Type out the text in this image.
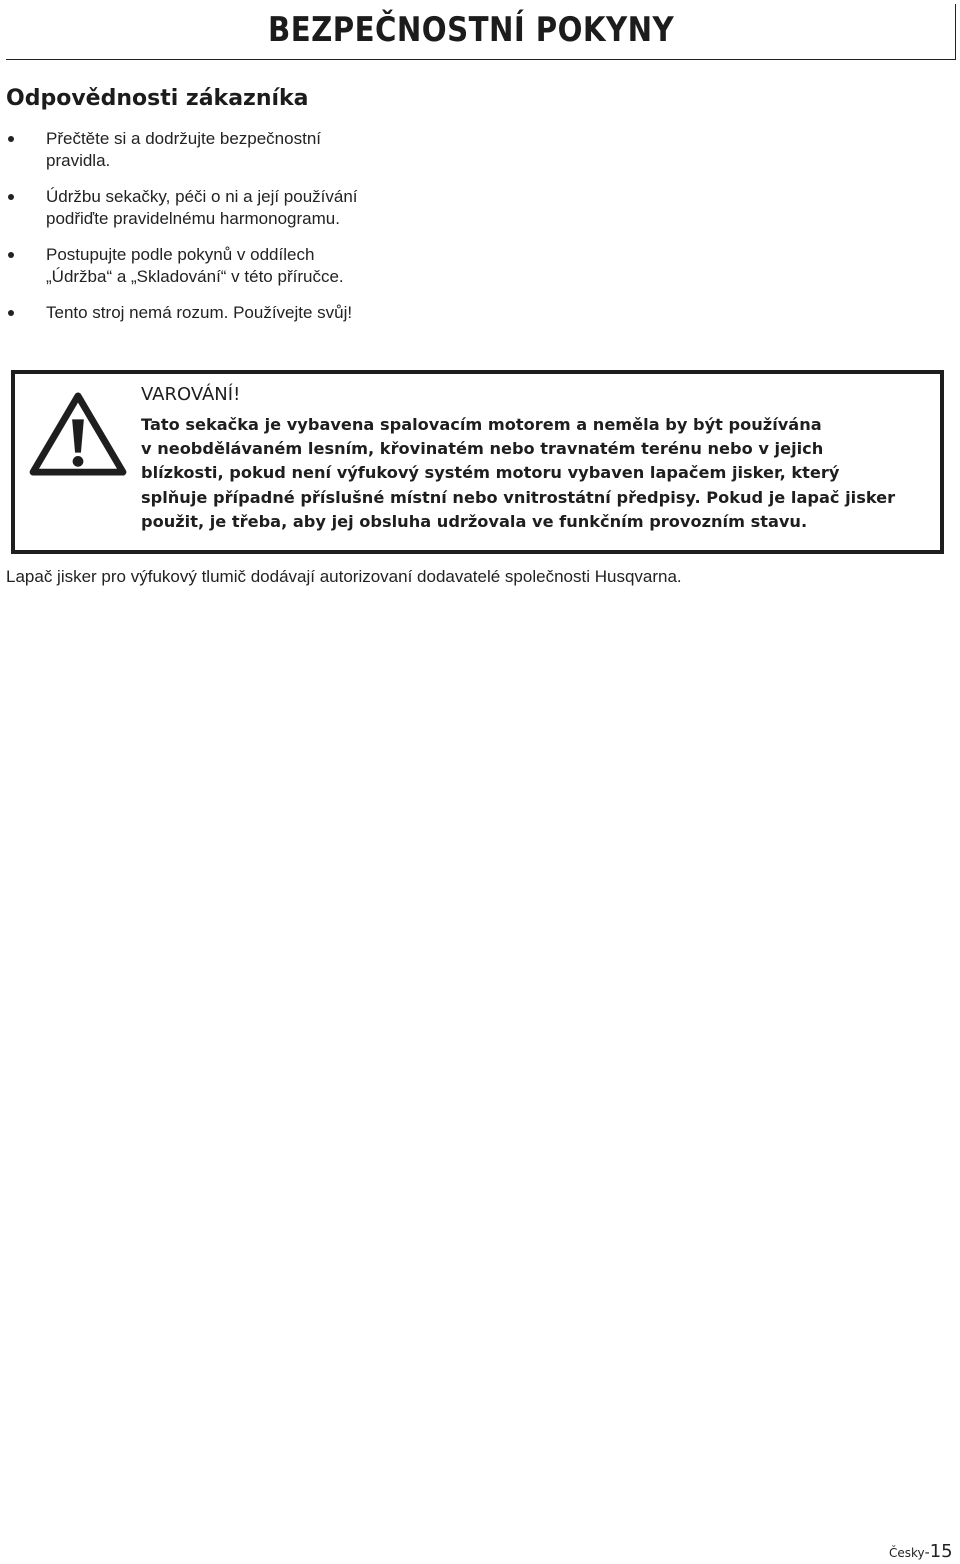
BEZPEČNOSTNÍ POKYNY
Odpovědnosti zákazníka
Přečtěte si a dodržujte bezpečnostní
pravidla.
Údržbu sekačky, péči o ni a její používání
podřiďte pravidelnému harmonogramu.
Postupujte podle pokynů v oddílech
„Údržba“ a „Skladování“ v této příručce.
Tento stroj nemá rozum. Používejte svůj!
VAROVÁNÍ!
Tato sekačka je vybavena spalovacím motorem a neměla by být používána
v neobdělávaném lesním, křovinatém nebo travnatém terénu nebo v jejich
blízkosti, pokud není výfukový systém motoru vybaven lapačem jisker, který
splňuje případné příslušné místní nebo vnitrostátní předpisy. Pokud je lapač jisker
použit, je třeba, aby jej obsluha udržovala ve funkčním provozním stavu.
Lapač jisker pro výfukový tlumič dodávají autorizovaní dodavatelé společnosti Husqvarna.
Česky-15
